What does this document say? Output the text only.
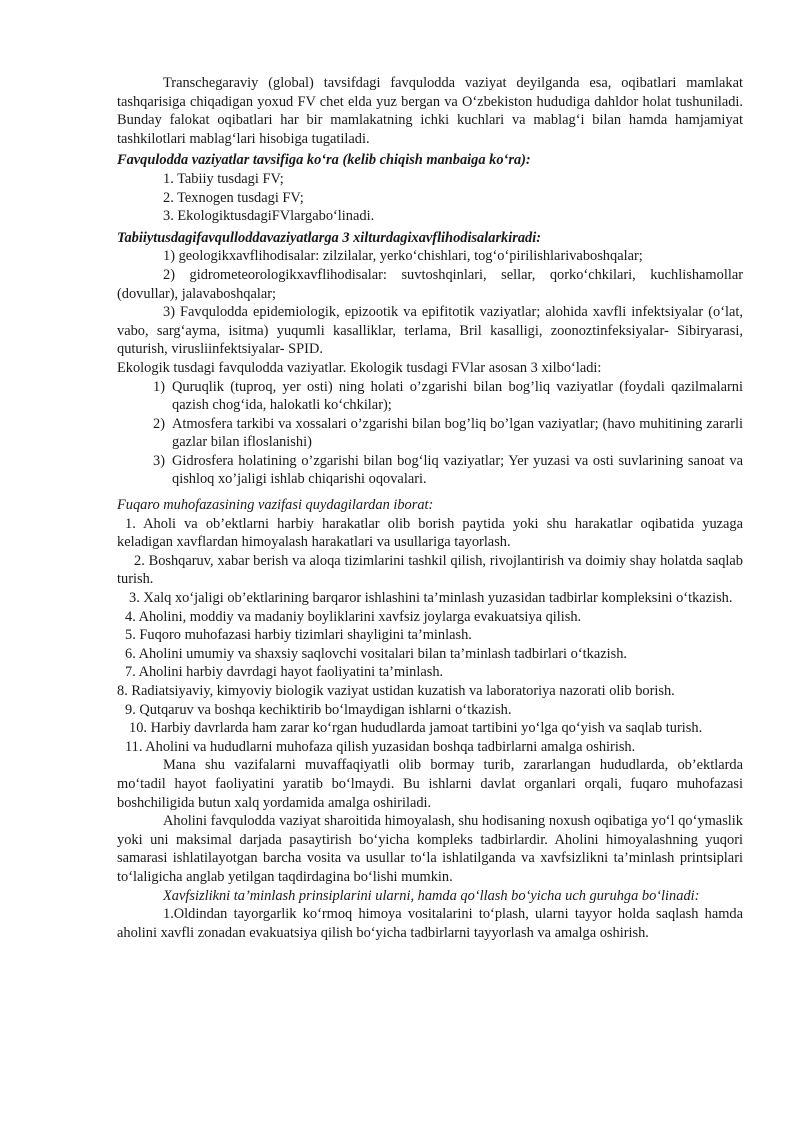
Transchegaraviy (global) tavsifdagi favqulodda vaziyat deyilganda esa, oqibatlari mamlakat tashqarisiga chiqadigan yoxud FV chet elda yuz bergan va O‘zbekiston hududiga dahldor holat tushuniladi. Bunday falokat oqibatlari har bir mamlakatning ichki kuchlari va mablag‘i bilan hamda hamjamiyat tashkilotlari mablag‘lari hisobiga tugatiladi.

Favqulodda vaziyatlar tavsifiga ko‘ra (kelib chiqish manbaiga ko‘ra):

1. Tabiiy tusdagi FV;

2. Texnogen tusdagi FV;

3. EkologiktusdagiFVlargabo‘linadi.

Tabiiytusdagifavqulloddavaziyatlarga 3 xilturdagixavflihodisalarkiradi:

1) geologikxavflihodisalar: zilzilalar, yerko‘chishlari, tog‘o‘pirilishlarivaboshqalar;

2) gidrometeorologikxavflihodisalar: suvtoshqinlari, sellar, qorko‘chkilari, kuchlishamollar (dovullar), jalavaboshqalar;

3) Favqulodda epidemiologik, epizootik va epifitotik vaziyatlar; alohida xavfli infektsiyalar (o‘lat, vabo, sarg‘ayma, isitma) yuqumli kasalliklar, terlama, Bril kasalligi, zoonoztinfeksiyalar- Sibiryarasi, quturish, virusliinfektsiyalar- SPID.

Ekologik tusdagi favqulodda vaziyatlar. Ekologik tusdagi FVlar asosan 3 xilbo‘ladi:

1) Quruqlik (tuproq, yer osti) ning holati o’zgarishi bilan bog’liq vaziyatlar (foydali qazilmalarni qazish chog‘ida, halokatli ko‘chkilar);
2) Atmosfera tarkibi va xossalari o’zgarishi bilan bog’liq bo’lgan vaziyatlar; (havo muhitining zararli gazlar bilan ifloslanishi)
3) Gidrosfera holatining o’zgarishi bilan bog‘liq vaziyatlar; Yer yuzasi va osti suvlarining sanoat va qishloq xo’jaligi ishlab chiqarishi oqovalari.

Fuqaro muhofazasining vazifasi quydagilardan iborat:

1. Aholi va ob’ektlarni harbiy harakatlar olib borish paytida yoki shu harakatlar oqibatida yuzaga keladigan xavflardan himoyalash harakatlari va usullariga tayorlash.

2. Boshqaruv, xabar berish va aloqa tizimlarini tashkil qilish, rivojlantirish va doimiy shay holatda saqlab turish.

3. Xalq xo‘jaligi ob’ektlarining barqaror ishlashini ta’minlash yuzasidan tadbirlar kompleksini o‘tkazish.

4. Aholini, moddiy va madaniy boyliklarini xavfsiz joylarga evakuatsiya qilish.

5. Fuqoro muhofazasi harbiy tizimlari shayligini ta’minlash.

6. Aholini umumiy va shaxsiy saqlovchi vositalari bilan ta’minlash tadbirlari o‘tkazish.

7. Aholini harbiy davrdagi hayot faoliyatini ta’minlash.

8. Radiatsiyaviy, kimyoviy biologik vaziyat ustidan kuzatish va laboratoriya nazorati olib borish.

9. Qutqaruv va boshqa kechiktirib bo‘lmaydigan ishlarni o‘tkazish.

10. Harbiy davrlarda ham zarar ko‘rgan hududlarda jamoat tartibini yo‘lga qo‘yish va saqlab turish.

11. Aholini va hududlarni muhofaza qilish yuzasidan boshqa tadbirlarni amalga oshirish.

Mana shu vazifalarni muvaffaqiyatli olib bormay turib, zararlangan hududlarda, ob’ektlarda mo‘tadil hayot faoliyatini yaratib bo‘lmaydi. Bu ishlarni davlat organlari orqali, fuqaro muhofazasi boshchiligida butun xalq yordamida amalga oshiriladi.

Aholini favqulodda vaziyat sharoitida himoyalash, shu hodisaning noxush oqibatiga yo‘l qo‘ymaslik yoki uni maksimal darjada pasaytirish bo‘yicha kompleks tadbirlardir. Aholini himoyalashning yuqori samarasi ishlatilayotgan barcha vosita va usullar to‘la ishlatilganda va xavfsizlikni ta’minlash printsiplari to‘laligicha anglab yetilgan taqdirdagina bo‘lishi mumkin.

Xavfsizlikni ta’minlash prinsiplarini ularni, hamda qo‘llash bo‘yicha uch guruhga bo‘linadi:

1.Oldindan tayorgarlik ko‘rmoq himoya vositalarini to‘plash, ularni tayyor holda saqlash hamda aholini xavfli zonadan evakuatsiya qilish bo‘yicha tadbirlarni tayyorlash va amalga oshirish.
